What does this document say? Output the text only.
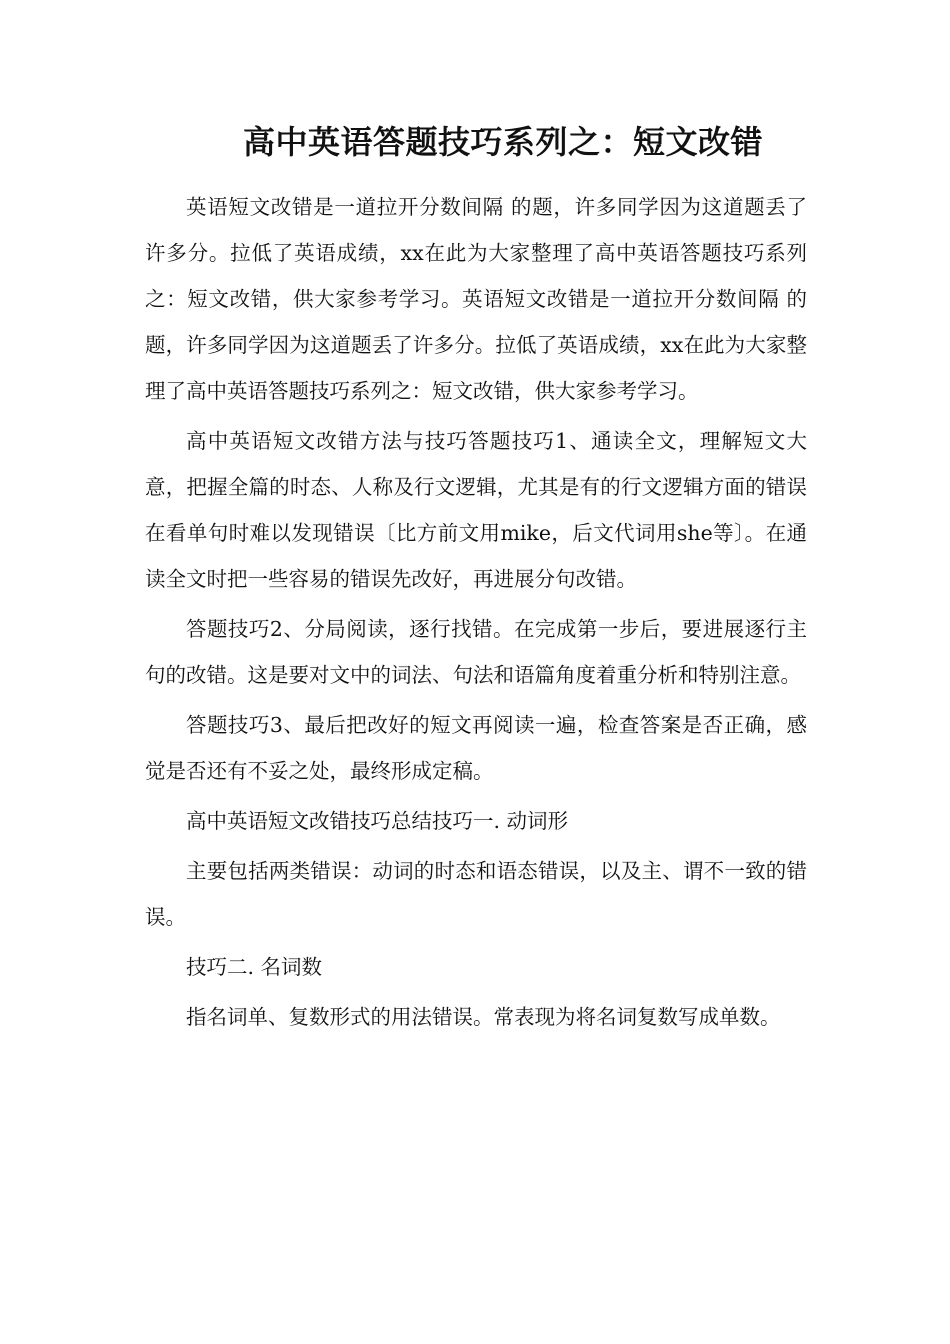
高中英语答题技巧系列之：短文改错

英语短文改错是一道拉开分数间隔 的题，许多同学因为这道题丢了许多分。拉低了英语成绩，xx在此为大家整理了高中英语答题技巧系列之：短文改错，供大家参考学习。英语短文改错是一道拉开分数间隔 的题，许多同学因为这道题丢了许多分。拉低了英语成绩，xx在此为大家整理了高中英语答题技巧系列之：短文改错，供大家参考学习。

高中英语短文改错方法与技巧答题技巧1、通读全文，理解短文大意，把握全篇的时态、人称及行文逻辑，尤其是有的行文逻辑方面的错误在看单句时难以发现错误〔比方前文用mike，后文代词用she等〕。在通读全文时把一些容易的错误先改好，再进展分句改错。

答题技巧2、分局阅读，逐行找错。在完成第一步后，要进展逐行主句的改错。这是要对文中的词法、句法和语篇角度着重分析和特别注意。

答题技巧3、最后把改好的短文再阅读一遍，检查答案是否正确，感觉是否还有不妥之处，最终形成定稿。

高中英语短文改错技巧总结技巧一. 动词形

主要包括两类错误：动词的时态和语态错误，以及主、谓不一致的错误。

技巧二. 名词数

指名词单、复数形式的用法错误。常表现为将名词复数写成单数。
